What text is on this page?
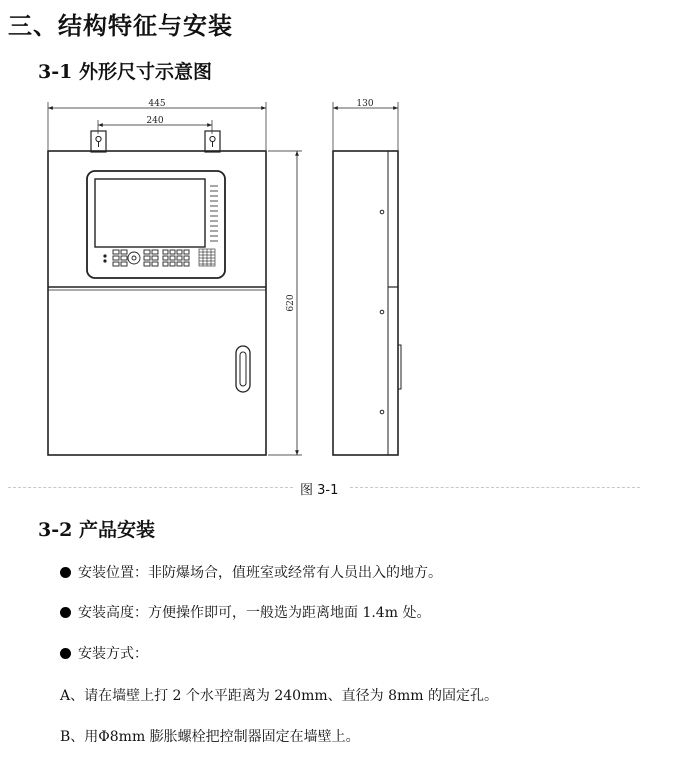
三、结构特征与安装
3-1 外形尺寸示意图
445
240
130
620
图 3-1
3-2 产品安装
安装位置：非防爆场合，值班室或经常有人员出入的地方。
安装高度：方便操作即可，一般选为距离地面 1.4m 处。
安装方式：
A、请在墙壁上打 2 个水平距离为 240mm、直径为 8mm 的固定孔。
B、用Φ8mm 膨胀螺栓把控制器固定在墙壁上。
